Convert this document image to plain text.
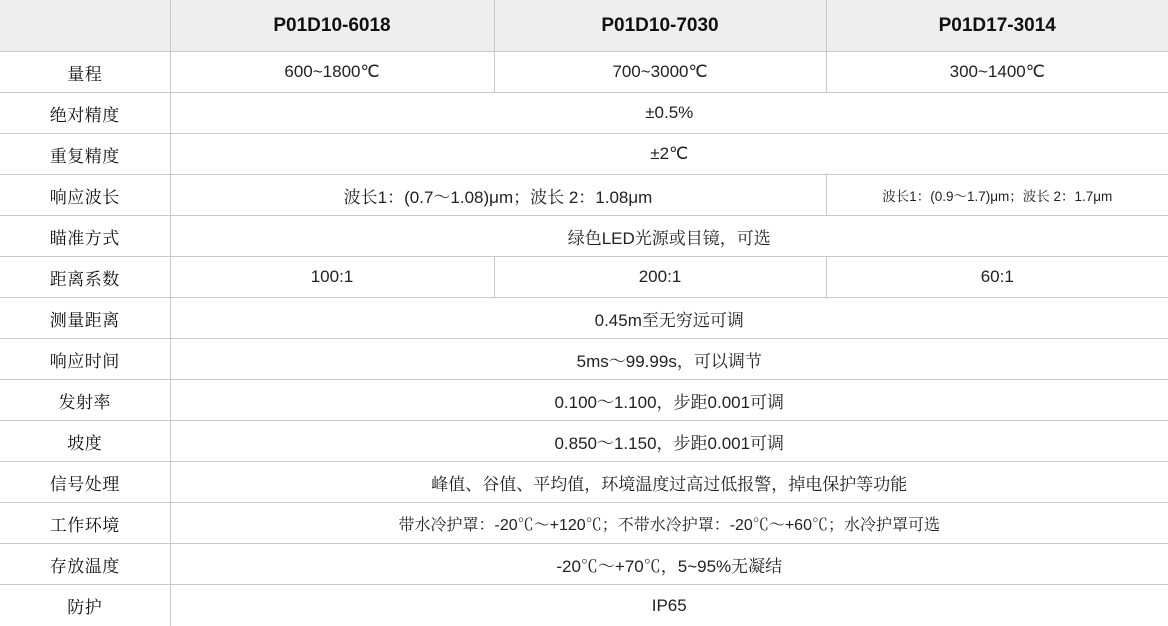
	P01D10-6018	P01D10-7030	P01D17-3014
量程	600~1800℃	700~3000℃	300~1400℃
绝对精度	±0.5%		
重复精度	±2℃		
响应波长	波长1：(0.7～1.08)μm；波长 2：1.08μm		波长1：(0.9～1.7)μm；波长 2：1.7μm
瞄准方式	绿色LED光源或目镜，可选		
距离系数	100:1	200:1	60:1
测量距离	0.45m至无穷远可调		
响应时间	5ms～99.99s，可以调节		
发射率	0.100～1.100，步距0.001可调		
坡度	0.850～1.150，步距0.001可调		
信号处理	峰值、谷值、平均值，环境温度过高过低报警，掉电保护等功能		
工作环境	带水冷护罩：-20℃～+120℃；不带水冷护罩：-20℃～+60℃；水冷护罩可选		
存放温度	-20℃～+70℃，5~95%无凝结		
防护	IP65		
